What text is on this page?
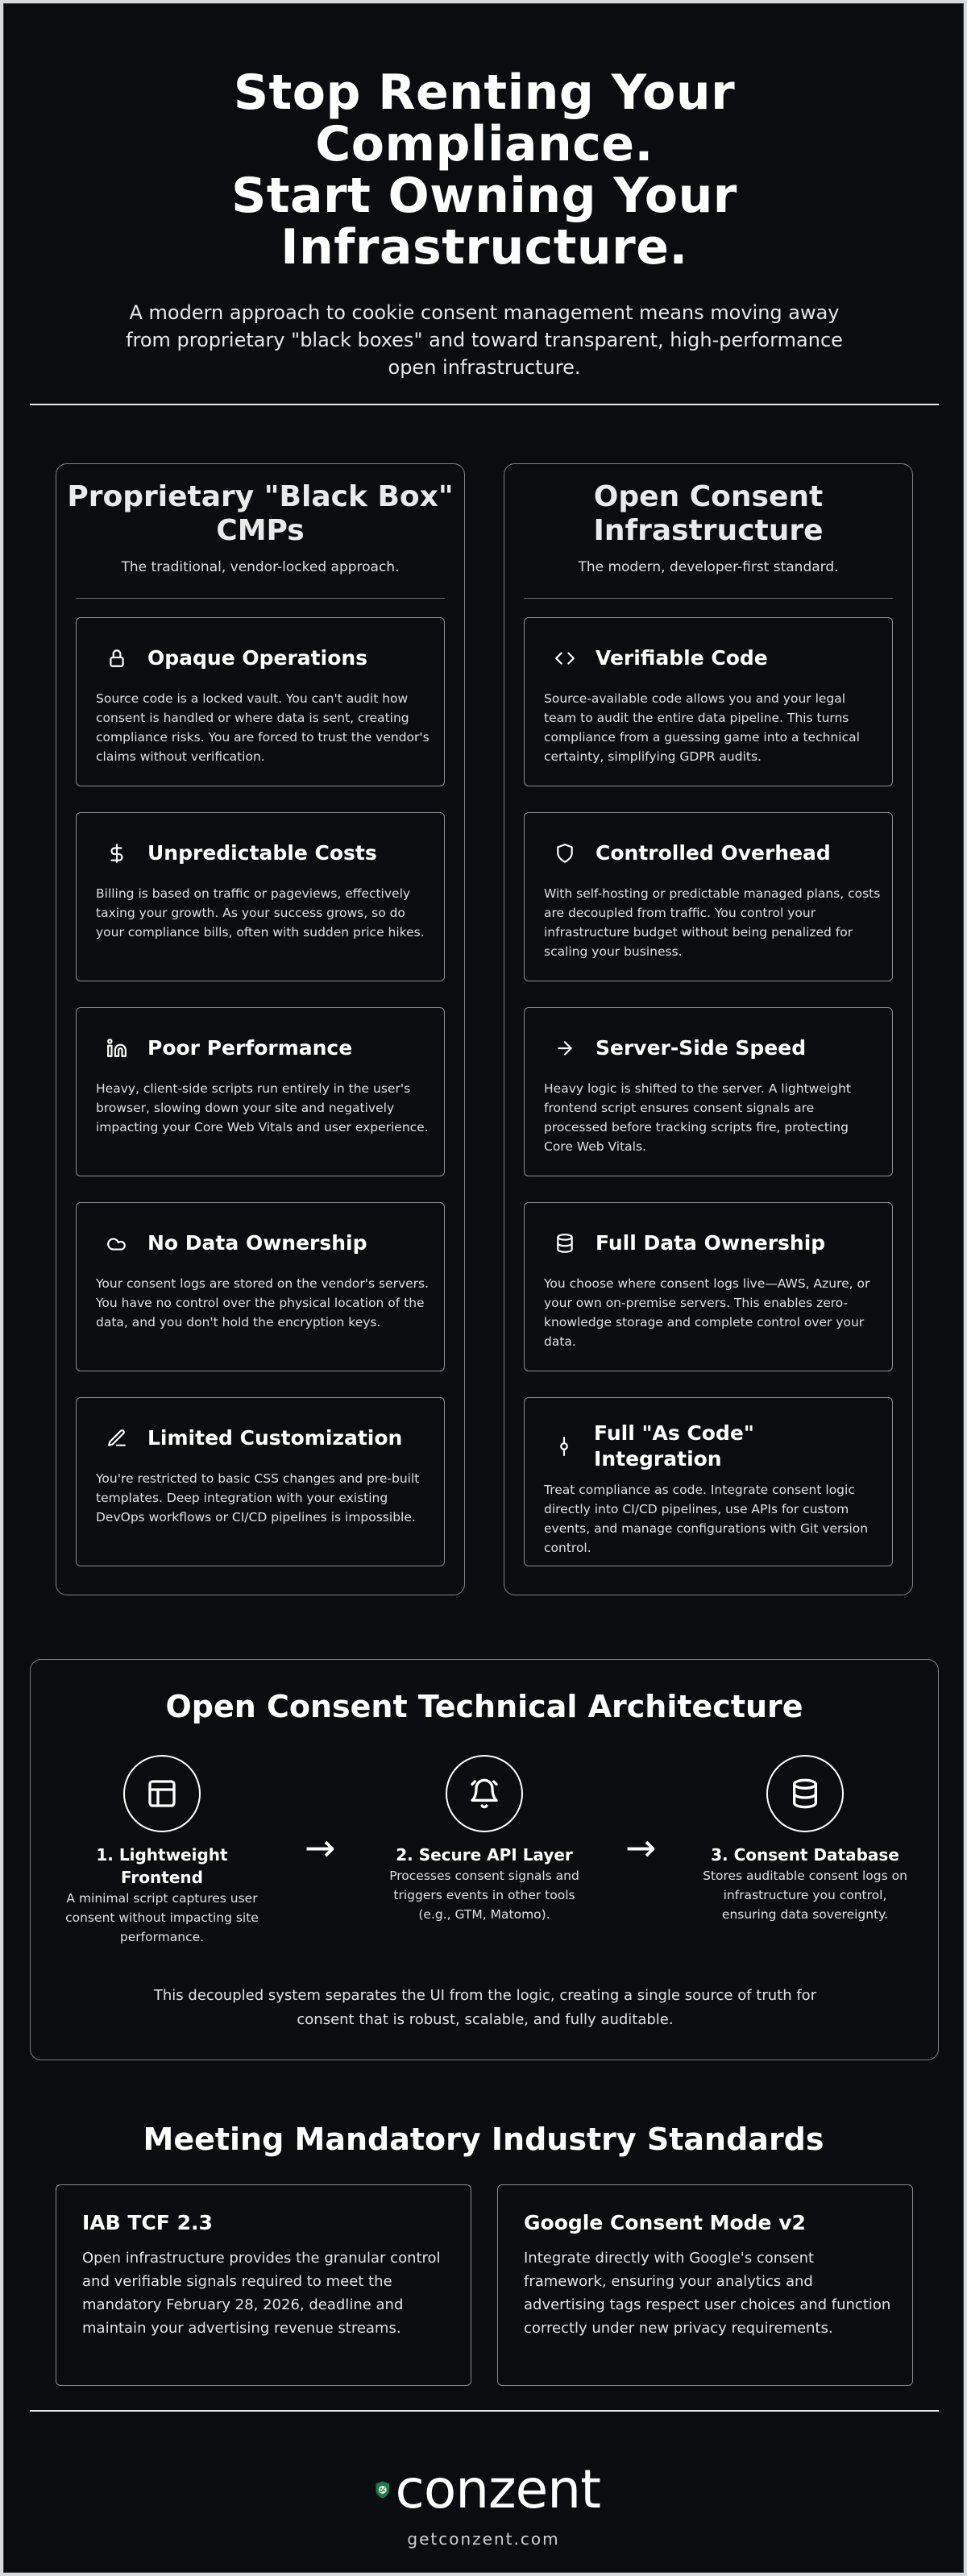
Stop Renting Your
Compliance.
Start Owning Your
Infrastructure.

A modern approach to cookie consent management means moving away from proprietary "black boxes" and toward transparent, high-performance open infrastructure.

Proprietary "Black Box" CMPs
The traditional, vendor-locked approach.
Opaque Operations

Source code is a locked vault. You can't audit how consent is handled or where data is sent, creating compliance risks. You are forced to trust the vendor's claims without verification.

Unpredictable Costs

Billing is based on traffic or pageviews, effectively taxing your growth. As your success grows, so do your compliance bills, often with sudden price hikes.

Poor Performance

Heavy, client-side scripts run entirely in the user's browser, slowing down your site and negatively impacting your Core Web Vitals and user experience.

No Data Ownership

Your consent logs are stored on the vendor's servers. You have no control over the physical location of the data, and you don't hold the encryption keys.

Limited Customization

You're restricted to basic CSS changes and pre-built templates. Deep integration with your existing DevOps workflows or CI/CD pipelines is impossible.

Open Consent Infrastructure
The modern, developer-first standard.
Verifiable Code

Source-available code allows you and your legal team to audit the entire data pipeline. This turns compliance from a guessing game into a technical certainty, simplifying GDPR audits.

Controlled Overhead

With self-hosting or predictable managed plans, costs are decoupled from traffic. You control your infrastructure budget without being penalized for scaling your business.

Server-Side Speed

Heavy logic is shifted to the server. A lightweight frontend script ensures consent signals are processed before tracking scripts fire, protecting Core Web Vitals.

Full Data Ownership

You choose where consent logs live—AWS, Azure, or your own on-premise servers. This enables zero-knowledge storage and complete control over your data.

Full "As Code" Integration

Treat compliance as code. Integrate consent logic directly into CI/CD pipelines, use APIs for custom events, and manage configurations with Git version control.

Open Consent Technical Architecture
1. Lightweight Frontend
A minimal script captures user consent without impacting site performance.
→	2. Secure API Layer
Processes consent signals and triggers events in other tools (e.g., GTM, Matomo).
→	3. Consent Database
Stores auditable consent logs on infrastructure you control, ensuring data sovereignty.

This decoupled system separates the UI from the logic, creating a single source of truth for consent that is robust, scalable, and fully auditable.

Meeting Mandatory Industry Standards
IAB TCF 2.3

Open infrastructure provides the granular control and verifiable signals required to meet the mandatory February 28, 2026, deadline and maintain your advertising revenue streams.

Google Consent Mode v2

Integrate directly with Google's consent framework, ensuring your analytics and advertising tags respect user choices and function correctly under new privacy requirements.

conzent
getconzent.com
